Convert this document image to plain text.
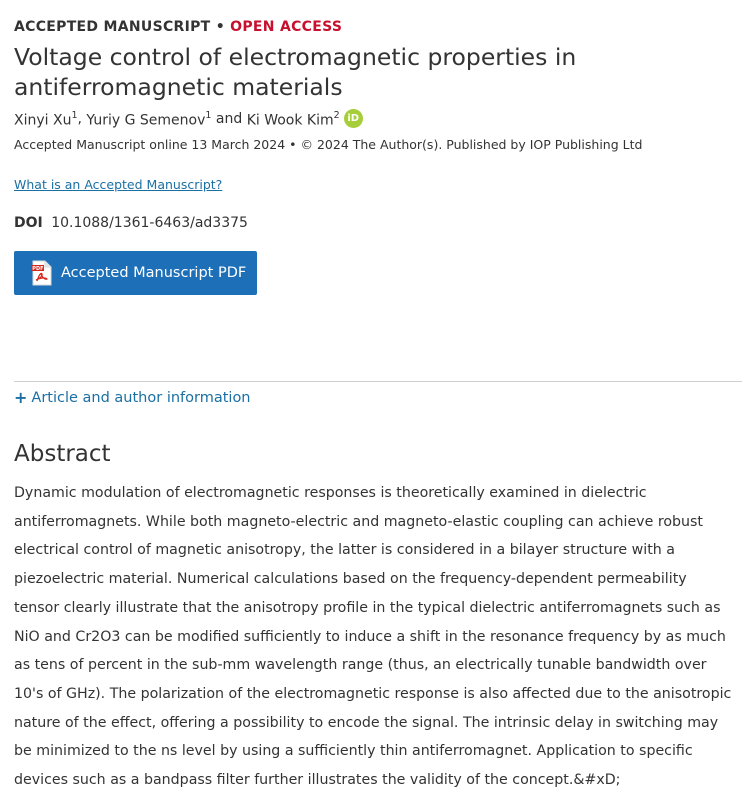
ACCEPTED MANUSCRIPT • OPEN ACCESS
Voltage control of electromagnetic properties in antiferromagnetic materials
Xinyi Xu$^1$ , Yuriy G Semenov$^1$ and Ki Wook Kim$^2$ iD
Accepted Manuscript online 13 March 2024 • © 2024 The Author(s). Published by IOP Publishing Ltd
What is an Accepted Manuscript?
DOI 10.1088/1361-6463/ad3375
PDF Accepted Manuscript PDF
+ Article and author information
Abstract

Dynamic modulation of electromagnetic responses is theoretically examined in dielectric antiferromagnets. While both magneto-electric and magneto-elastic coupling can achieve robust electrical control of magnetic anisotropy, the latter is considered in a bilayer structure with a piezoelectric material. Numerical calculations based on the frequency-dependent permeability tensor clearly illustrate that the anisotropy profile in the typical dielectric antiferromagnets such as NiO and Cr2O3 can be modified sufficiently to induce a shift in the resonance frequency by as much as tens of percent in the sub-mm wavelength range (thus, an electrically tunable bandwidth over 10's of GHz). The polarization of the electromagnetic response is also affected due to the anisotropic nature of the effect, offering a possibility to encode the signal. The intrinsic delay in switching may be minimized to the ns level by using a sufficiently thin antiferromagnet. Application to specific devices such as a bandpass filter further illustrates the validity of the concept.&#xD;
